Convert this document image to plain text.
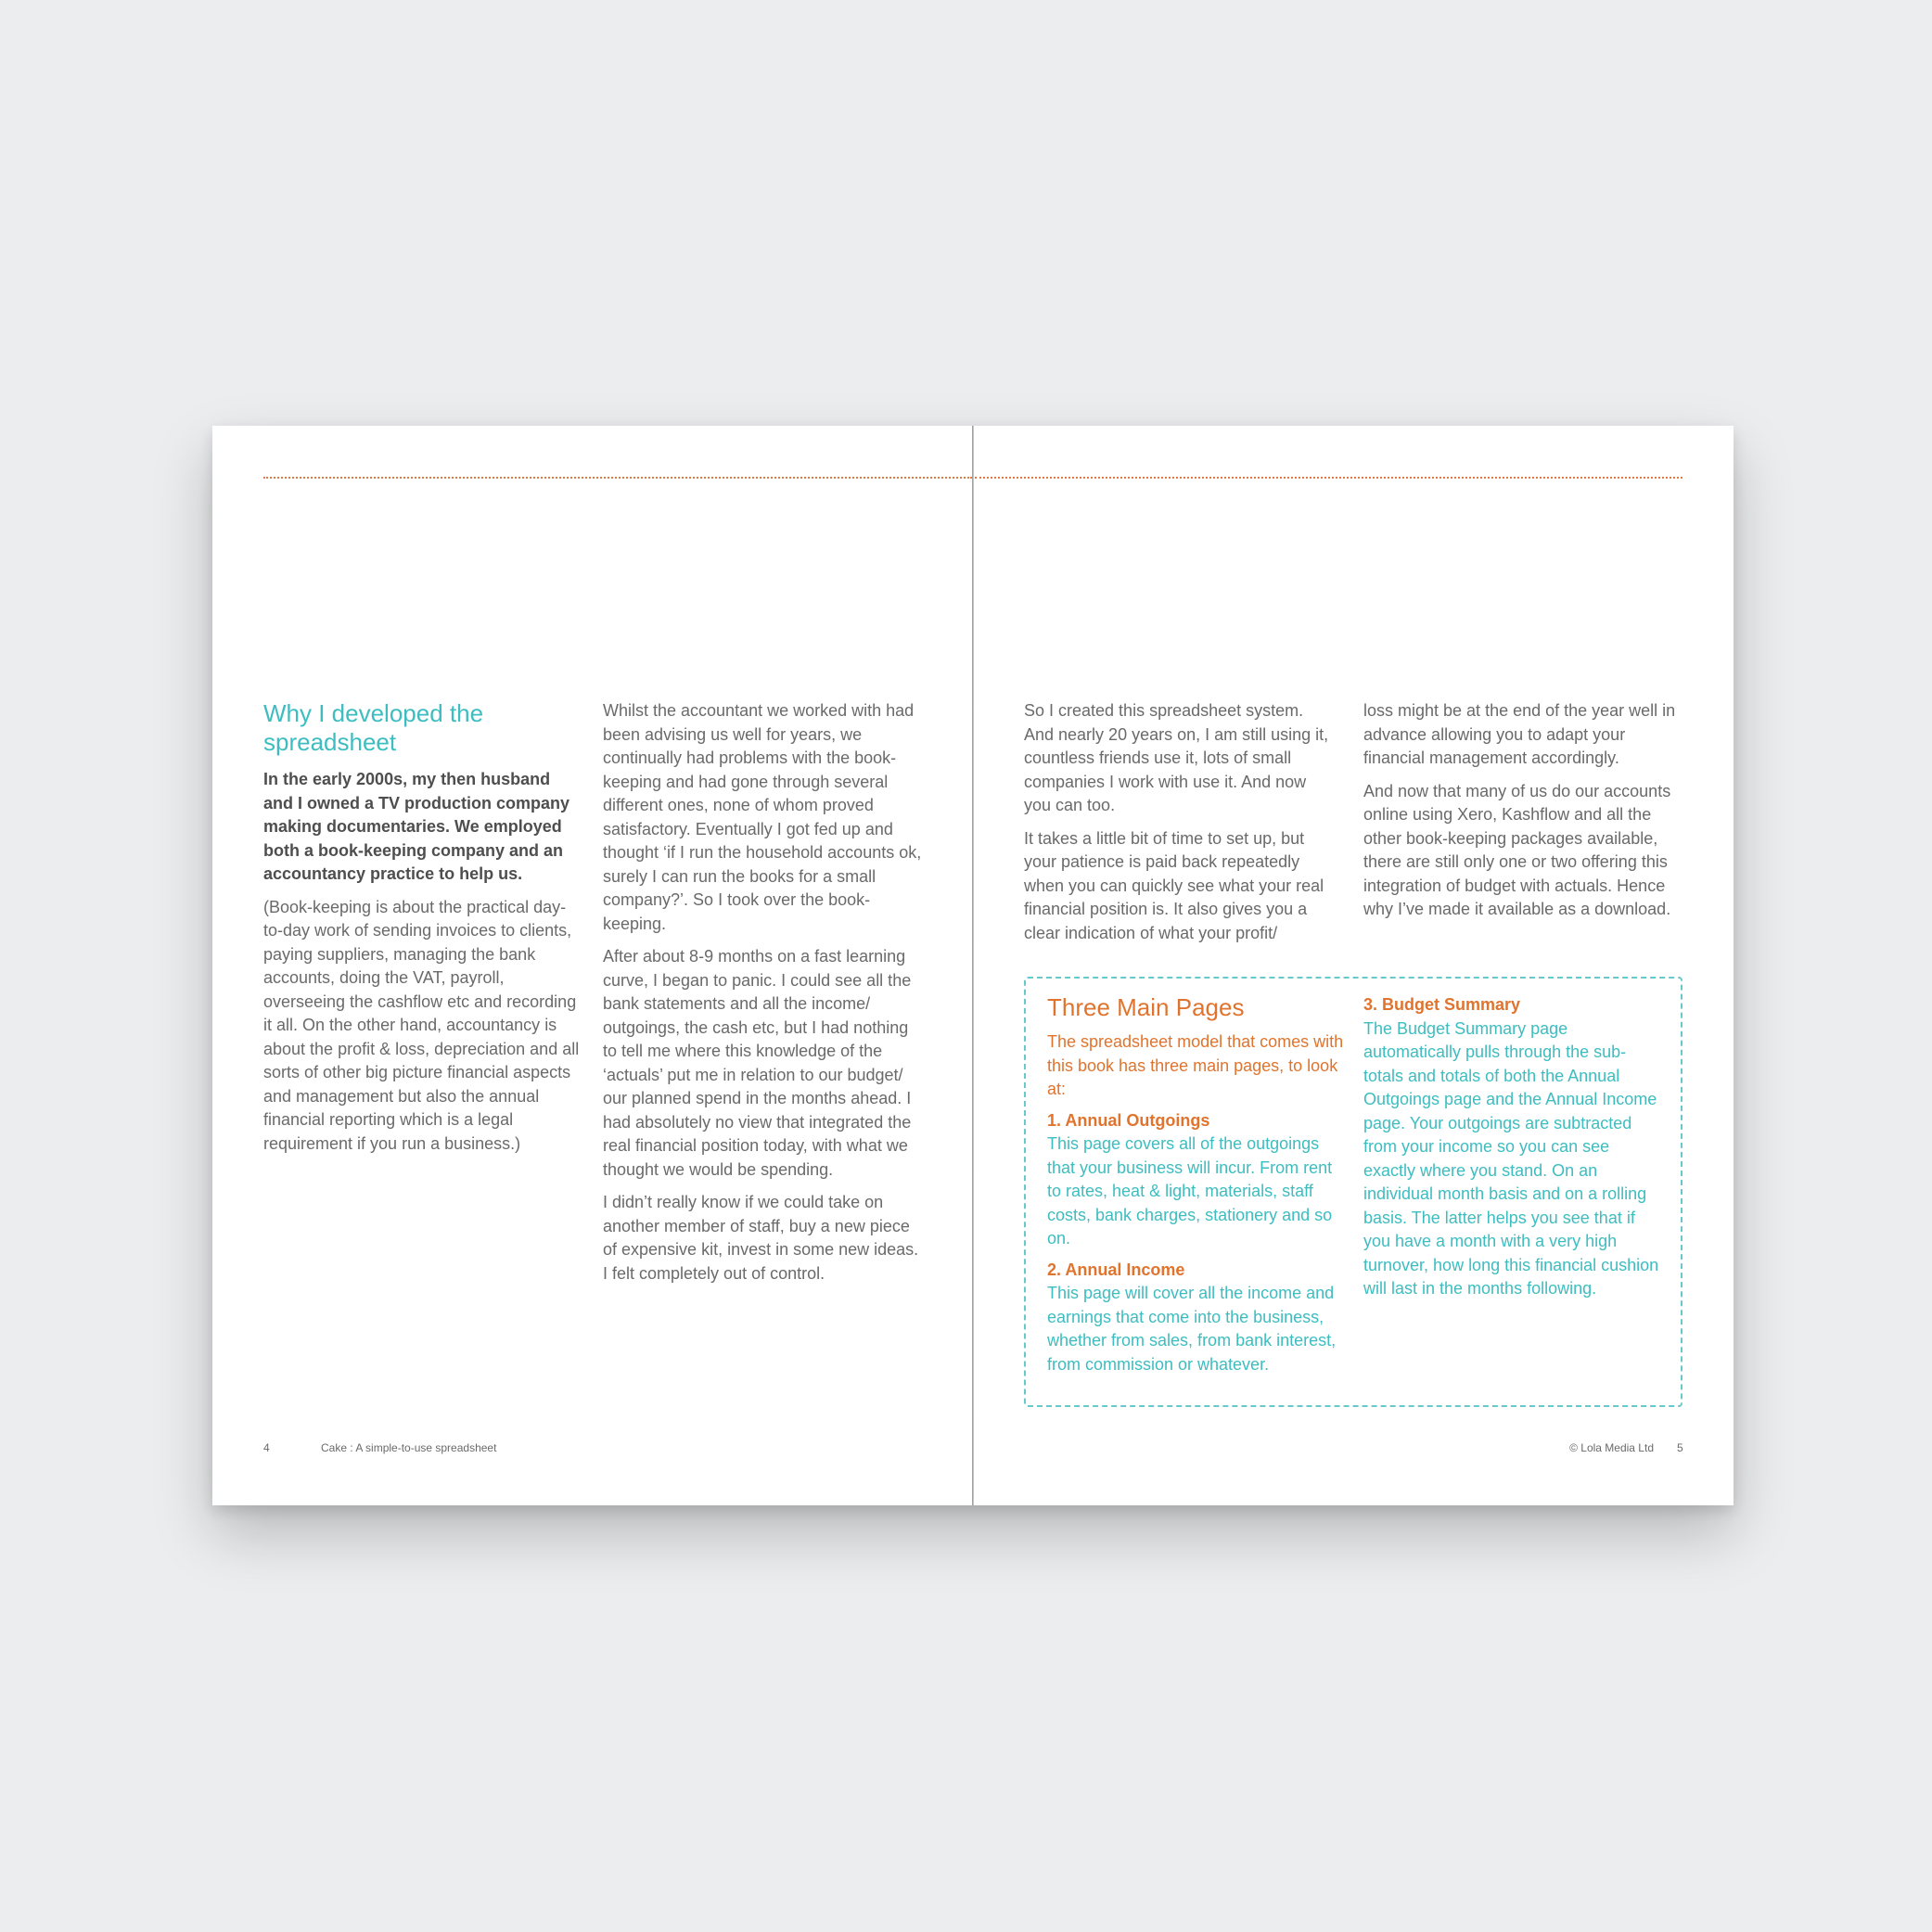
Why I developed the spreadsheet

In the early 2000s, my then husband and I owned a TV production company making documentaries. We employed both a book-keeping company and an accountancy practice to help us.

(Book-keeping is about the practical day-to-day work of sending invoices to clients, paying suppliers, managing the bank accounts, doing the VAT, payroll, overseeing the cashflow etc and recording it all. On the other hand, accountancy is about the profit & loss, depreciation and all sorts of other big picture financial aspects and management but also the annual financial reporting which is a legal requirement if you run a business.)

Whilst the accountant we worked with had been advising us well for years, we continually had problems with the book-keeping and had gone through several different ones, none of whom proved satisfactory. Eventually I got fed up and thought ‘if I run the household accounts ok, surely I can run the books for a small company?’. So I took over the book-keeping.

After about 8-9 months on a fast learning curve, I began to panic. I could see all the bank statements and all the income/ outgoings, the cash etc, but I had nothing to tell me where this knowledge of the ‘actuals’ put me in relation to our budget/ our planned spend in the months ahead. I had absolutely no view that integrated the real financial position today, with what we thought we would be spending.

I didn’t really know if we could take on another member of staff, buy a new piece of expensive kit, invest in some new ideas. I felt completely out of control.

So I created this spreadsheet system. And nearly 20 years on, I am still using it, countless friends use it, lots of small companies I work with use it. And now you can too.

It takes a little bit of time to set up, but your patience is paid back repeatedly when you can quickly see what your real financial position is. It also gives you a clear indication of what your profit/

loss might be at the end of the year well in advance allowing you to adapt your financial management accordingly.

And now that many of us do our accounts online using Xero, Kashflow and all the other book-keeping packages available, there are still only one or two offering this integration of budget with actuals. Hence why I’ve made it available as a download.

Three Main Pages

The spreadsheet model that comes with this book has three main pages, to look at:

1. Annual Outgoings

This page covers all of the outgoings that your business will incur. From rent to rates, heat & light, materials, staff costs, bank charges, stationery and so on.

2. Annual Income

This page will cover all the income and earnings that come into the business, whether from sales, from bank interest, from commission or whatever.

3. Budget Summary

The Budget Summary page automatically pulls through the sub-totals and totals of both the Annual Outgoings page and the Annual Income page. Your outgoings are subtracted from your income so you can see exactly where you stand. On an individual month basis and on a rolling basis. The latter helps you see that if you have a month with a very high turnover, how long this financial cushion will last in the months following.

4	Cake : A simple-to-use spreadsheet	© Lola Media Ltd 5
